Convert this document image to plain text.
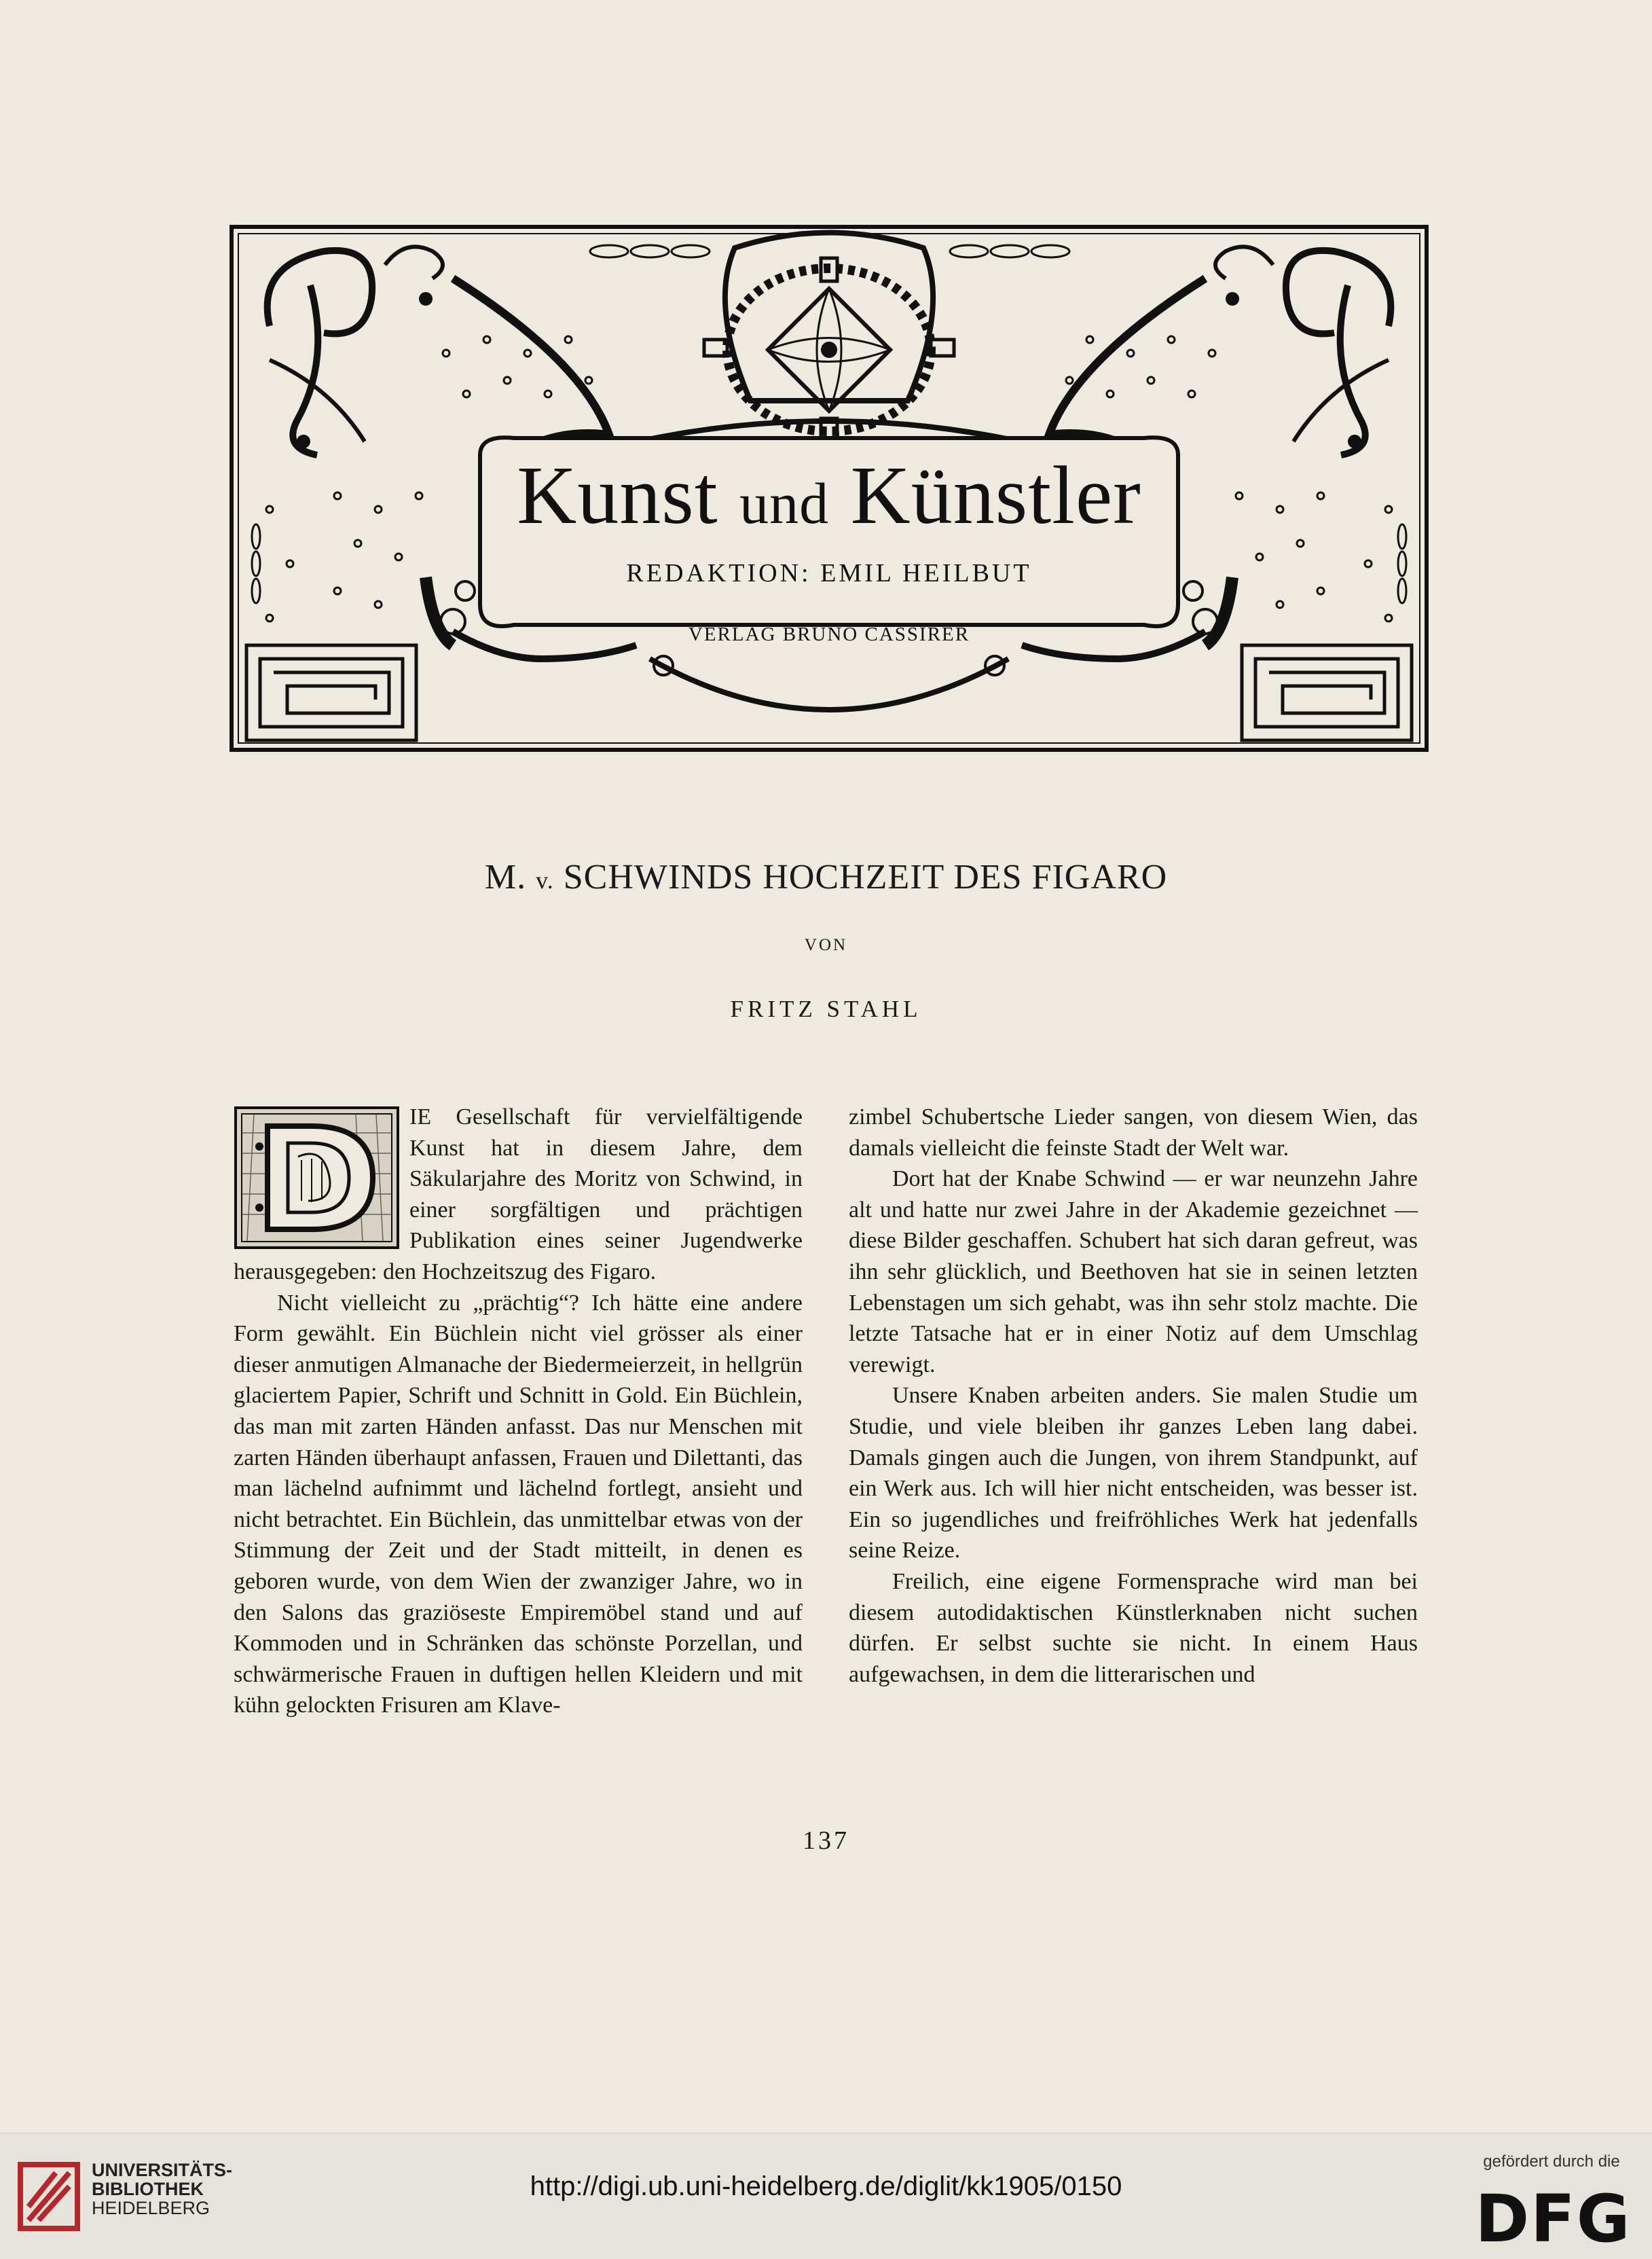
Kunst und Künstler
REDAKTION: EMIL HEILBUT
VERLAG BRUNO CASSIRER
M. v. SCHWINDS HOCHZEIT DES FIGARO
VON
FRITZ STAHL

IE Gesellschaft für vervielfältigende Kunst hat in diesem Jahre, dem Säkularjahre des Moritz von Schwind, in einer sorgfältigen und prächtigen Publikation eines seiner Jugendwerke herausgegeben: den Hochzeitszug des Figaro.

Nicht vielleicht zu „prächtig“? Ich hätte eine andere Form gewählt. Ein Büchlein nicht viel grösser als einer dieser anmutigen Almanache der Biedermeierzeit, in hellgrün glaciertem Papier, Schrift und Schnitt in Gold. Ein Büchlein, das man mit zarten Händen anfasst. Das nur Menschen mit zarten Händen überhaupt anfassen, Frauen und Dilettanti, das man lächelnd aufnimmt und lächelnd fortlegt, ansieht und nicht betrachtet. Ein Büchlein, das unmittelbar etwas von der Stimmung der Zeit und der Stadt mitteilt, in denen es geboren wurde, von dem Wien der zwanziger Jahre, wo in den Salons das graziöseste Empiremöbel stand und auf Kommoden und in Schränken das schönste Porzellan, und schwärmerische Frauen in duftigen hellen Kleidern und mit kühn gelockten Frisuren am Klave-

zimbel Schubertsche Lieder sangen, von diesem Wien, das damals vielleicht die feinste Stadt der Welt war.

Dort hat der Knabe Schwind — er war neunzehn Jahre alt und hatte nur zwei Jahre in der Akademie gezeichnet — diese Bilder geschaffen. Schubert hat sich daran gefreut, was ihn sehr glücklich, und Beethoven hat sie in seinen letzten Lebenstagen um sich gehabt, was ihn sehr stolz machte. Die letzte Tatsache hat er in einer Notiz auf dem Umschlag verewigt.

Unsere Knaben arbeiten anders. Sie malen Studie um Studie, und viele bleiben ihr ganzes Leben lang dabei. Damals gingen auch die Jungen, von ihrem Standpunkt, auf ein Werk aus. Ich will hier nicht entscheiden, was besser ist. Ein so jugendliches und freifröhliches Werk hat jedenfalls seine Reize.

Freilich, eine eigene Formensprache wird man bei diesem autodidaktischen Künstlerknaben nicht suchen dürfen. Er selbst suchte sie nicht. In einem Haus aufgewachsen, in dem die litterarischen und

137
UNIVERSITÄTS-
BIBLIOTHEK
HEIDELBERG
http://digi.ub.uni-heidelberg.de/diglit/kk1905/0150
gefördert durch die
DFG
